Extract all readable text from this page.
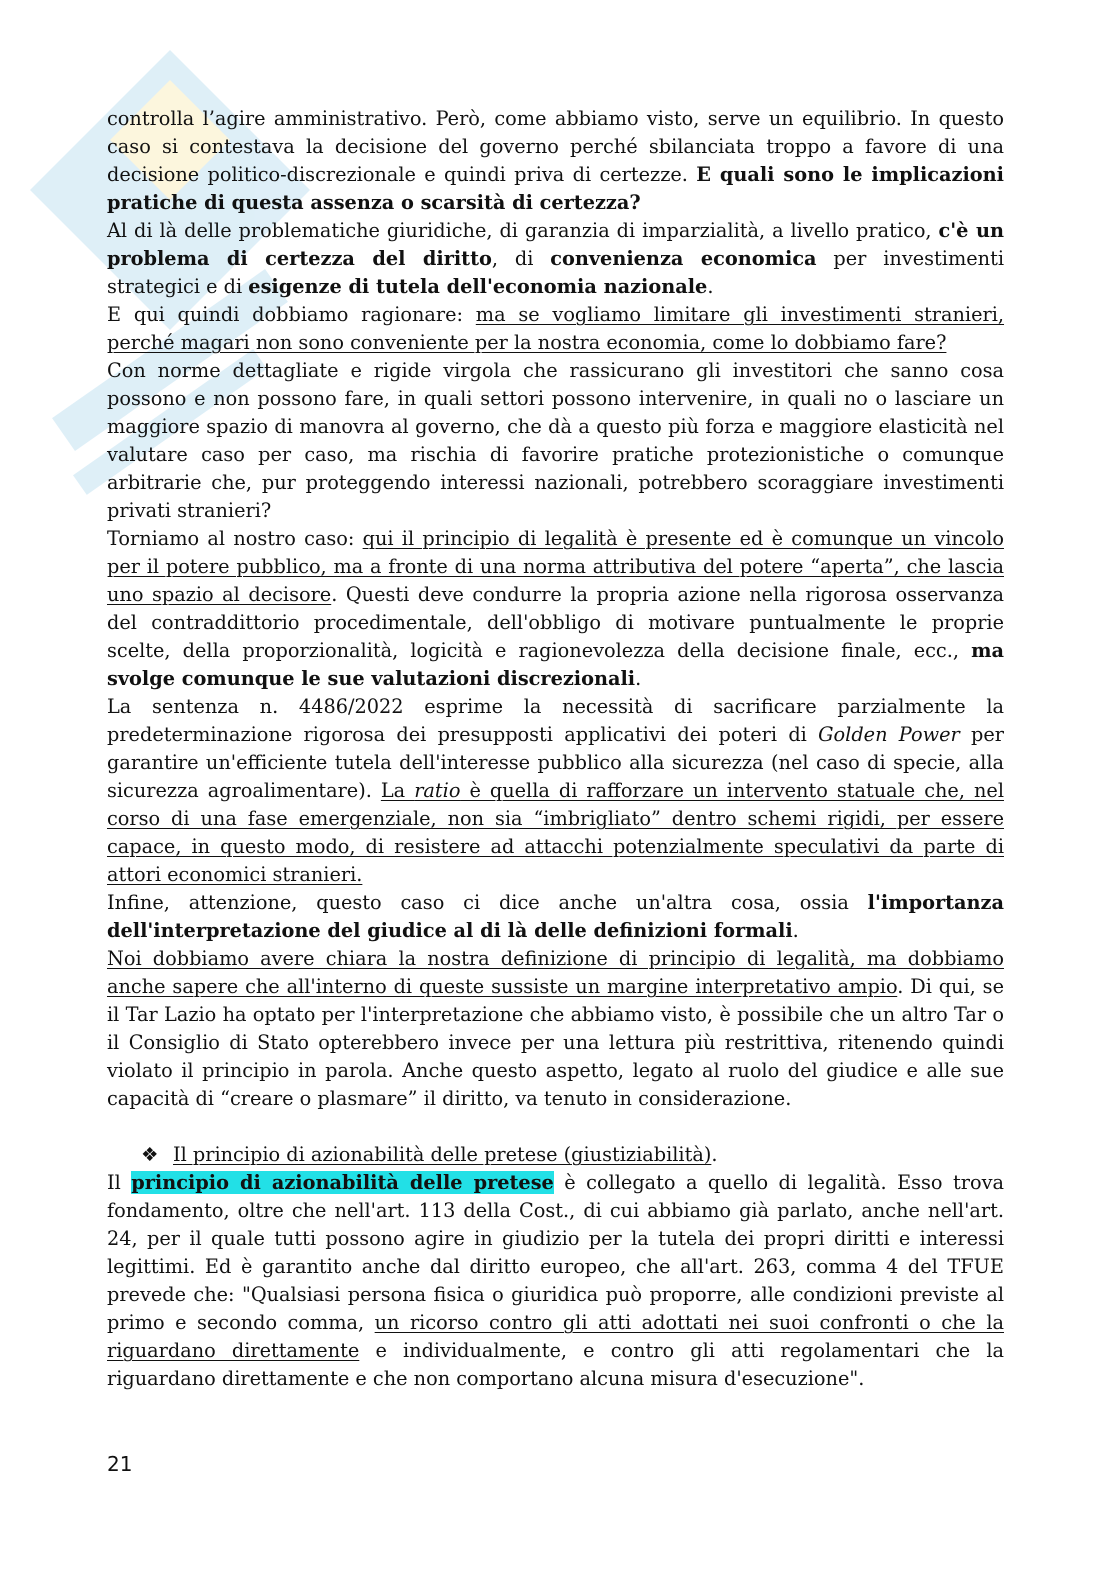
controlla l’agire amministrativo. Però, come abbiamo visto, serve un equilibrio. In questo caso si contestava la decisione del governo perché sbilanciata troppo a favore di una decisione politico-discrezionale e quindi priva di certezze. E quali sono le implicazioni pratiche di questa assenza o scarsità di certezza?

Al di là delle problematiche giuridiche, di garanzia di imparzialità, a livello pratico, c'è un problema di certezza del diritto, di convenienza economica per investimenti strategici e di esigenze di tutela dell'economia nazionale.

E qui quindi dobbiamo ragionare: ma se vogliamo limitare gli investimenti stranieri, perché magari non sono conveniente per la nostra economia, come lo dobbiamo fare?

Con norme dettagliate e rigide virgola che rassicurano gli investitori che sanno cosa possono e non possono fare, in quali settori possono intervenire, in quali no o lasciare un maggiore spazio di manovra al governo, che dà a questo più forza e maggiore elasticità nel valutare caso per caso, ma rischia di favorire pratiche protezionistiche o comunque arbitrarie che, pur proteggendo interessi nazionali, potrebbero scoraggiare investimenti privati stranieri?

Torniamo al nostro caso: qui il principio di legalità è presente ed è comunque un vincolo per il potere pubblico, ma a fronte di una norma attributiva del potere “aperta”, che lascia uno spazio al decisore. Questi deve condurre la propria azione nella rigorosa osservanza del contraddittorio procedimentale, dell'obbligo di motivare puntualmente le proprie scelte, della proporzionalità, logicità e ragionevolezza della decisione finale, ecc., ma svolge comunque le sue valutazioni discrezionali.

La sentenza n. 4486/2022 esprime la necessità di sacrificare parzialmente la predeterminazione rigorosa dei presupposti applicativi dei poteri di Golden Power per garantire un'efficiente tutela dell'interesse pubblico alla sicurezza (nel caso di specie, alla sicurezza agroalimentare). La ratio è quella di rafforzare un intervento statuale che, nel corso di una fase emergenziale, non sia “imbrigliato” dentro schemi rigidi, per essere capace, in questo modo, di resistere ad attacchi potenzialmente speculativi da parte di attori economici stranieri.

Infine, attenzione, questo caso ci dice anche un'altra cosa, ossia l'importanza dell'interpretazione del giudice al di là delle definizioni formali.

Noi dobbiamo avere chiara la nostra definizione di principio di legalità, ma dobbiamo anche sapere che all'interno di queste sussiste un margine interpretativo ampio. Di qui, se il Tar Lazio ha optato per l'interpretazione che abbiamo visto, è possibile che un altro Tar o il Consiglio di Stato opterebbero invece per una lettura più restrittiva, ritenendo quindi violato il principio in parola. Anche questo aspetto, legato al ruolo del giudice e alle sue capacità di “creare o plasmare” il diritto, va tenuto in considerazione.

❖ Il principio di azionabilità delle pretese (giustiziabilità).

Il principio di azionabilità delle pretese è collegato a quello di legalità. Esso trova fondamento, oltre che nell'art. 113 della Cost., di cui abbiamo già parlato, anche nell'art. 24, per il quale tutti possono agire in giudizio per la tutela dei propri diritti e interessi legittimi. Ed è garantito anche dal diritto europeo, che all'art. 263, comma 4 del TFUE prevede che: "Qualsiasi persona fisica o giuridica può proporre, alle condizioni previste al primo e secondo comma, un ricorso contro gli atti adottati nei suoi confronti o che la riguardano direttamente e individualmente, e contro gli atti regolamentari che la riguardano direttamente e che non comportano alcuna misura d'esecuzione".

21
